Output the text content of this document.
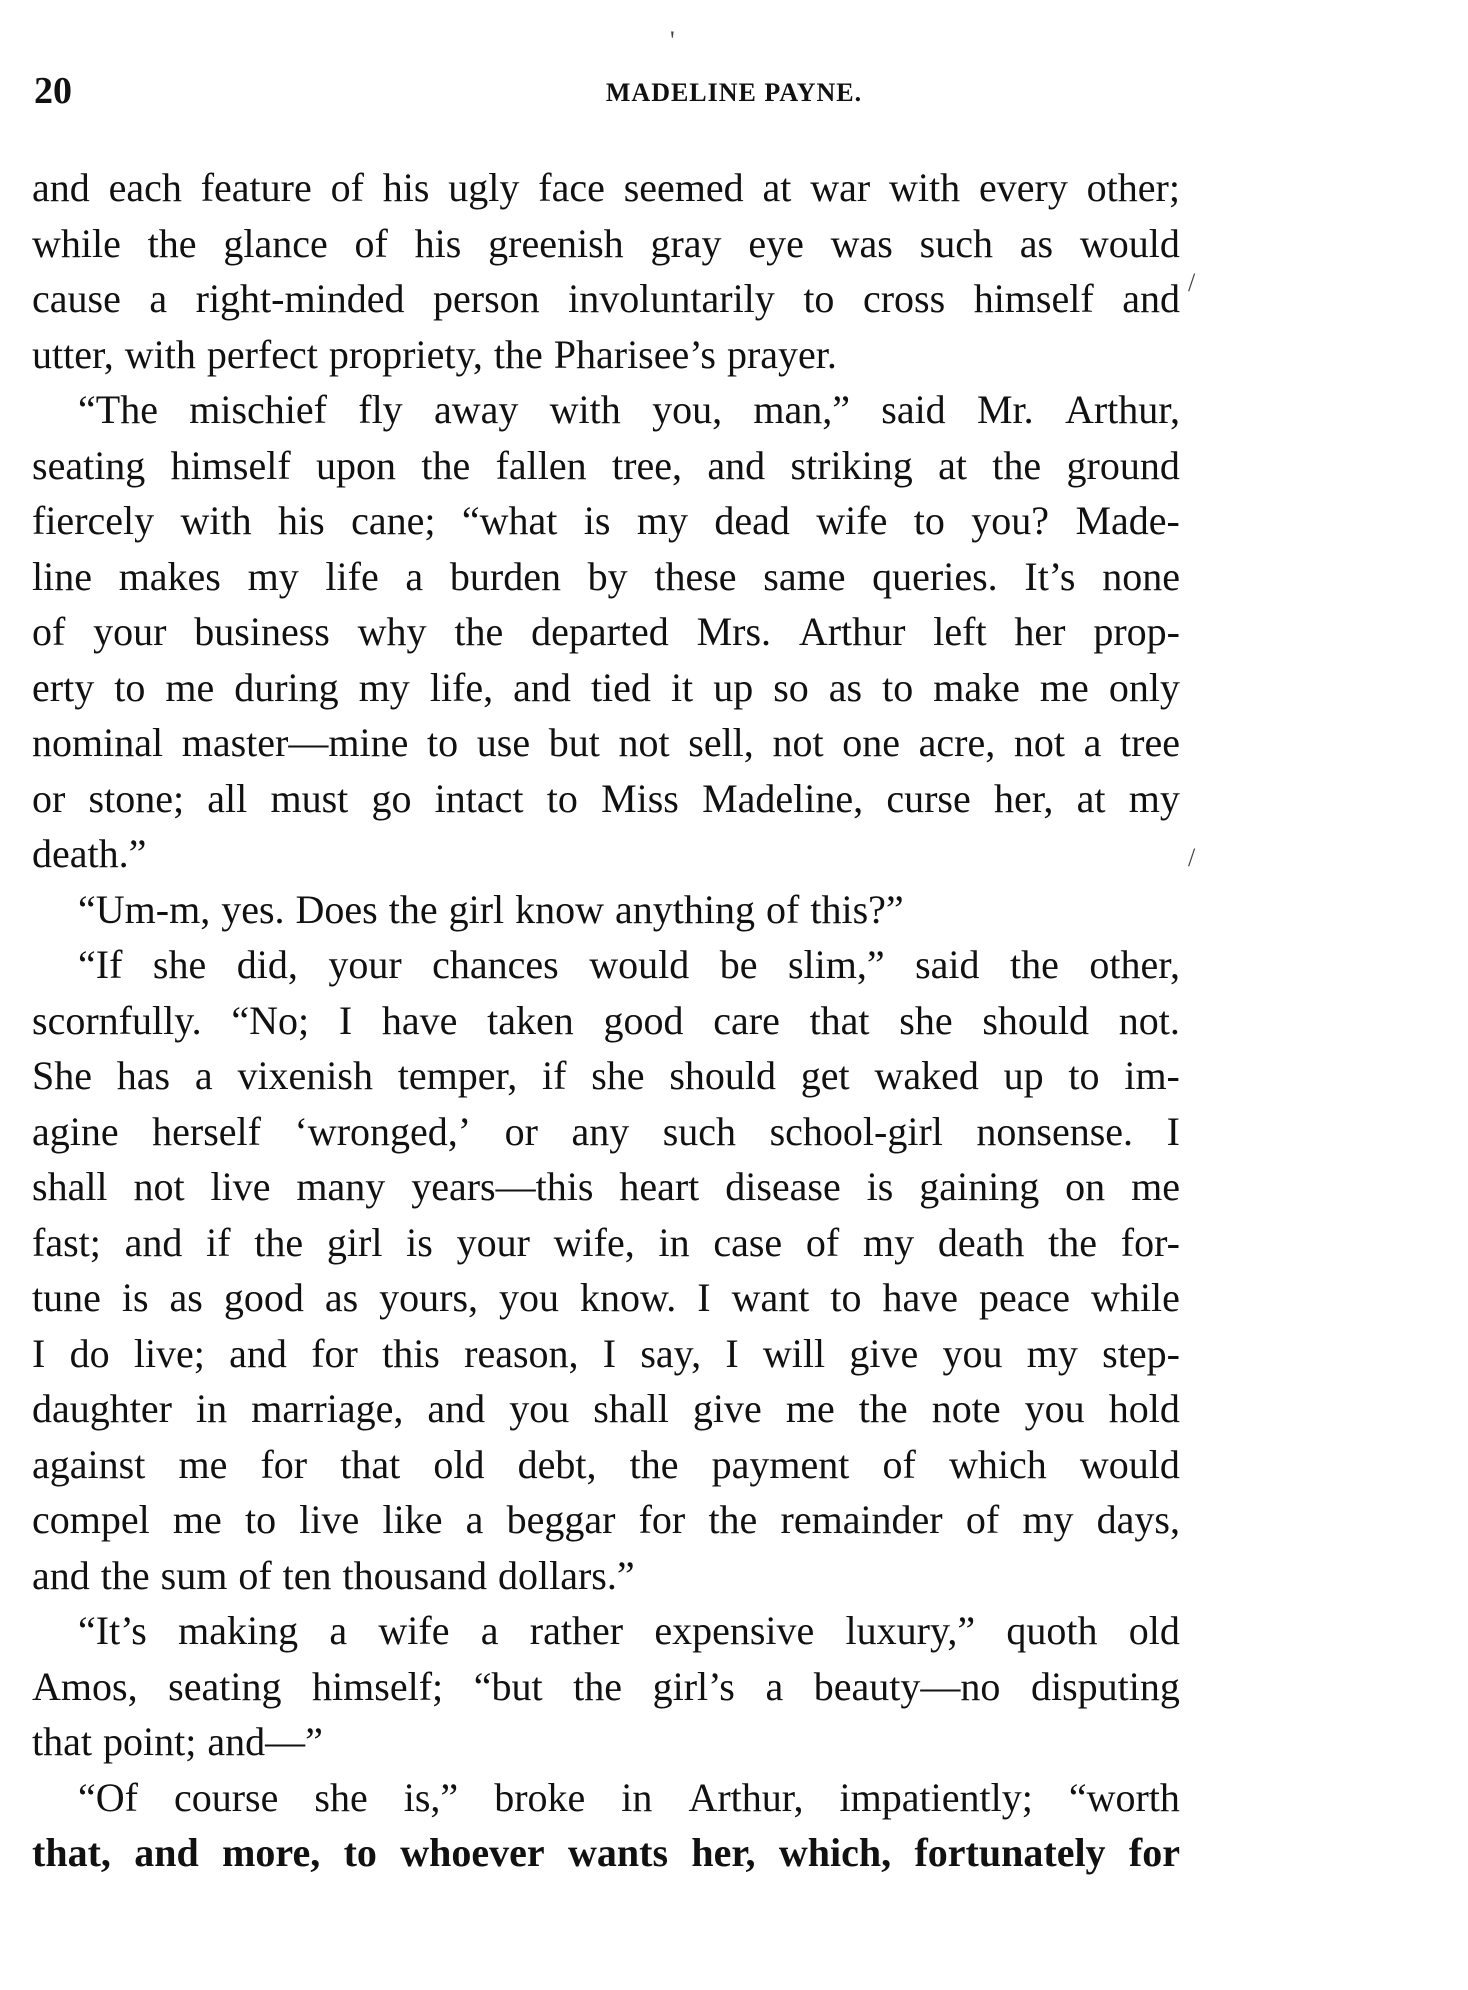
20	MADELINE PAYNE.
and each feature of his ugly face seemed at war with every other;
while the glance of his greenish gray eye was such as would
cause a right-minded person involuntarily to cross himself and
utter, with perfect propriety, the Pharisee’s prayer.
“The mischief fly away with you, man,” said Mr. Arthur,
seating himself upon the fallen tree, and striking at the ground
fiercely with his cane; “what is my dead wife to you? Made-
line makes my life a burden by these same queries. It’s none
of your business why the departed Mrs. Arthur left her prop-
erty to me during my life, and tied it up so as to make me only
nominal master—mine to use but not sell, not one acre, not a tree
or stone; all must go intact to Miss Madeline, curse her, at my
death.”
“Um-m, yes. Does the girl know anything of this?”
“If she did, your chances would be slim,” said the other,
scornfully. “No; I have taken good care that she should not.
She has a vixenish temper, if she should get waked up to im-
agine herself ‘wronged,’ or any such school-girl nonsense. I
shall not live many years—this heart disease is gaining on me
fast; and if the girl is your wife, in case of my death the for-
tune is as good as yours, you know. I want to have peace while
I do live; and for this reason, I say, I will give you my step-
daughter in marriage, and you shall give me the note you hold
against me for that old debt, the payment of which would
compel me to live like a beggar for the remainder of my days,
and the sum of ten thousand dollars.”
“It’s making a wife a rather expensive luxury,” quoth old
Amos, seating himself; “but the girl’s a beauty—no disputing
that point; and—”
“Of course she is,” broke in Arthur, impatiently; “worth
that, and more, to whoever wants her, which, fortunately for
'
/
/
